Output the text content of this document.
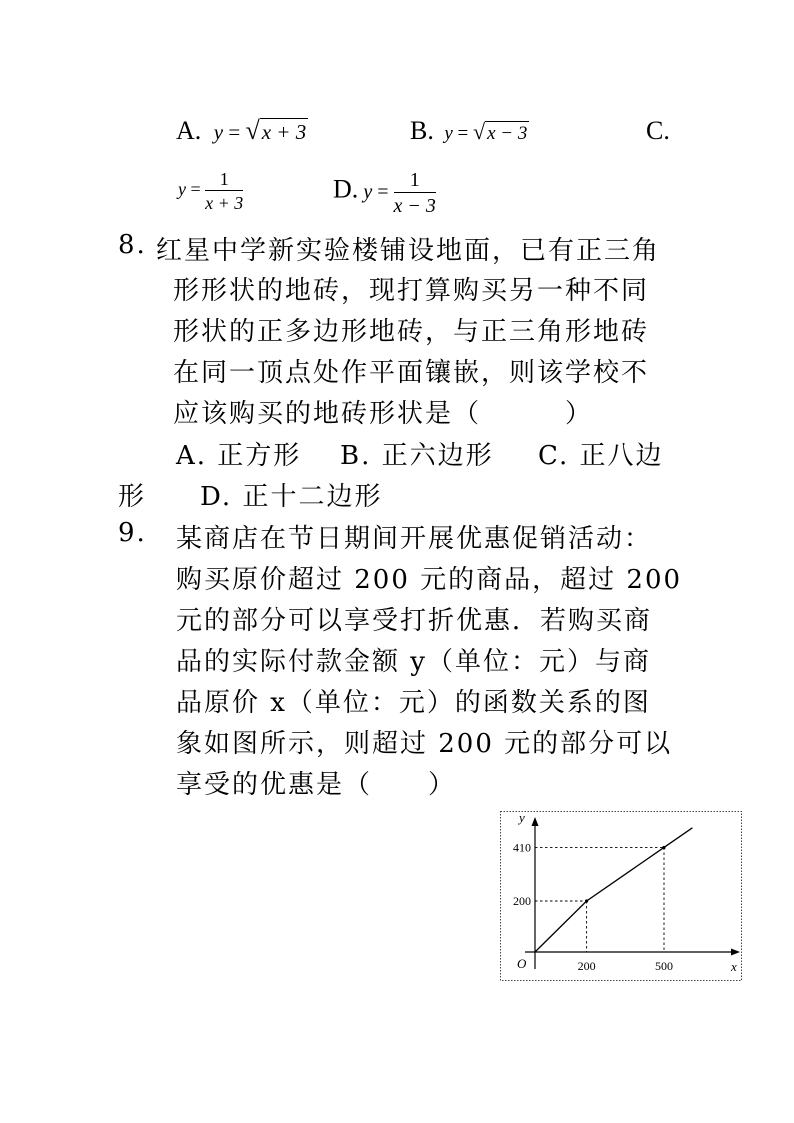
A. y = √x + 3	B. y = √ x − 3	C.
$y = \frac{1}{x + 3}$	D. $y = \frac{1}{x - 3}$
8. 红星中学新实验楼铺设地面，已有正三角
形形状的地砖，现打算购买另一种不同
形状的正多边形地砖，与正三角形地砖
在同一顶点处作平面镶嵌，则该学校不
应该购买的地砖形状是（　　　）
A. 正方形 B. 正六边形 C. 正八边
形 D. 正十二边形
9. 某商店在节日期间开展优惠促销活动：
购买原价超过 200 元的商品，超过 200
元的部分可以享受打折优惠．若购买商
品的实际付款金额 y（单位：元）与商
品原价 x（单位：元）的函数关系的图
象如图所示，则超过 200 元的部分可以
享受的优惠是（　　）
x
y
O	200	500
200
410
